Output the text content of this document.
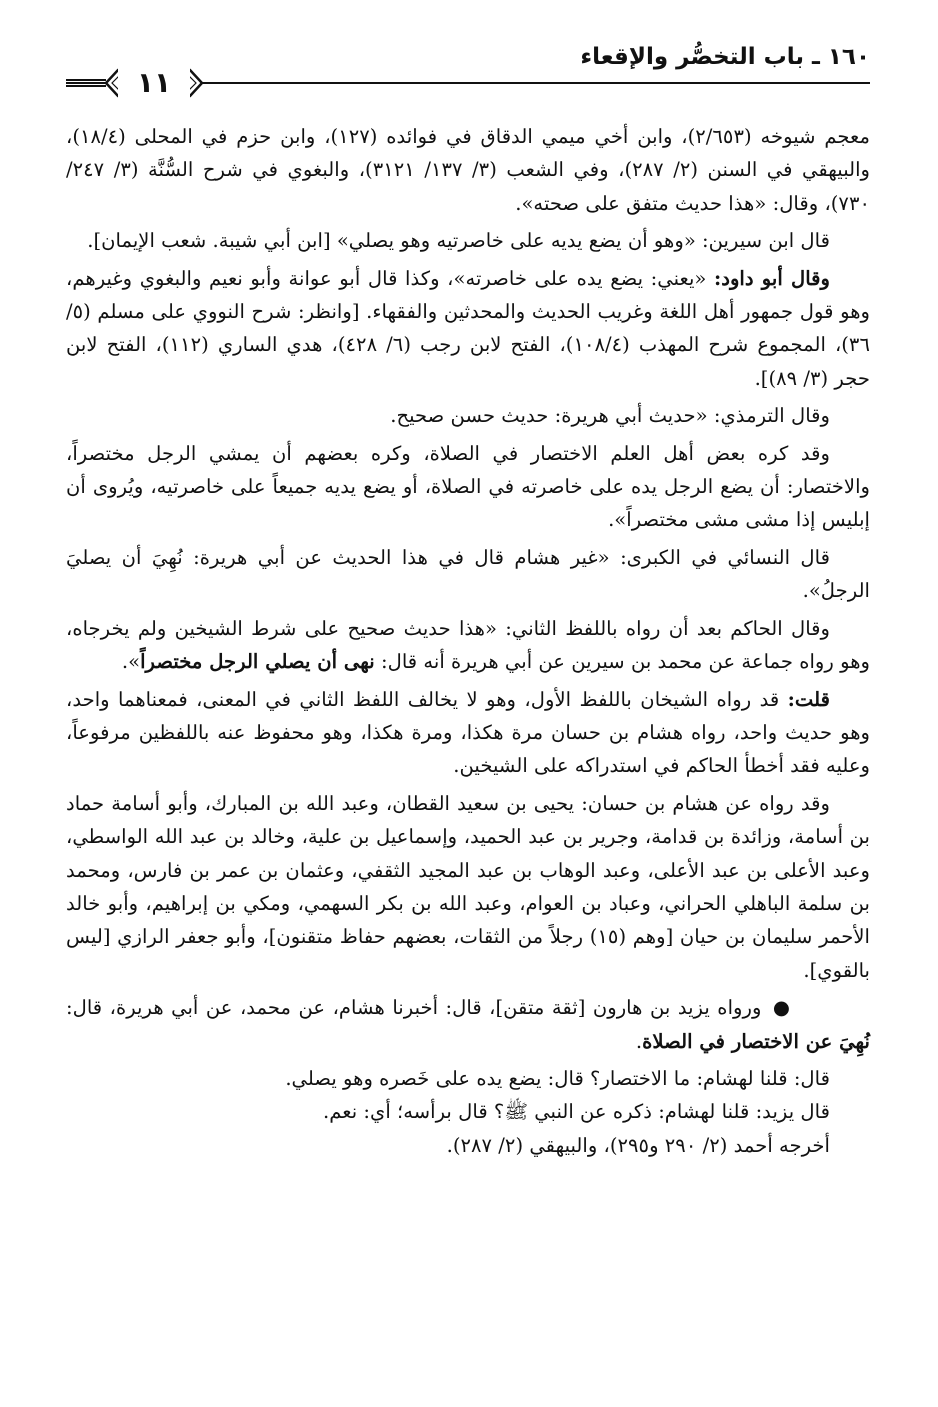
١٦٠ ـ باب التخصُّر والإقعاء
١١

معجم شيوخه (٢/٦٥٣)، وابن أخي ميمي الدقاق في فوائده (١٢٧)، وابن حزم في المحلى (١٨/٤)، والبيهقي في السنن (٢/ ٢٨٧)، وفي الشعب (٣/ ١٣٧/ ٣١٢١)، والبغوي في شرح السُّنَّة (٣/ ٢٤٧/ ٧٣٠)، وقال: «هذا حديث متفق على صحته».

قال ابن سيرين: «وهو أن يضع يديه على خاصرتيه وهو يصلي» [ابن أبي شيبة. شعب الإيمان].

وقال أبو داود: «يعني: يضع يده على خاصرته»، وكذا قال أبو عوانة وأبو نعيم والبغوي وغيرهم، وهو قول جمهور أهل اللغة وغريب الحديث والمحدثين والفقهاء. [وانظر: شرح النووي على مسلم (٥/ ٣٦)، المجموع شرح المهذب (١٠٨/٤)، الفتح لابن رجب (٦/ ٤٢٨)، هدي الساري (١١٢)، الفتح لابن حجر (٣/ ٨٩)].

وقال الترمذي: «حديث أبي هريرة: حديث حسن صحيح.

وقد كره بعض أهل العلم الاختصار في الصلاة، وكره بعضهم أن يمشي الرجل مختصراً، والاختصار: أن يضع الرجل يده على خاصرته في الصلاة، أو يضع يديه جميعاً على خاصرتيه، ويُروى أن إبليس إذا مشى مشى مختصراً».

قال النسائي في الكبرى: «غير هشام قال في هذا الحديث عن أبي هريرة: نُهِيَ أن يصليَ الرجلُ».

وقال الحاكم بعد أن رواه باللفظ الثاني: «هذا حديث صحيح على شرط الشيخين ولم يخرجاه، وهو رواه جماعة عن محمد بن سيرين عن أبي هريرة أنه قال: نهى أن يصلي الرجل مختصراً».

قلت: قد رواه الشيخان باللفظ الأول، وهو لا يخالف اللفظ الثاني في المعنى، فمعناهما واحد، وهو حديث واحد، رواه هشام بن حسان مرة هكذا، ومرة هكذا، وهو محفوظ عنه باللفظين مرفوعاً، وعليه فقد أخطأ الحاكم في استدراكه على الشيخين.

وقد رواه عن هشام بن حسان: يحيى بن سعيد القطان، وعبد الله بن المبارك، وأبو أسامة حماد بن أسامة، وزائدة بن قدامة، وجرير بن عبد الحميد، وإسماعيل بن علية، وخالد بن عبد الله الواسطي، وعبد الأعلى بن عبد الأعلى، وعبد الوهاب بن عبد المجيد الثقفي، وعثمان بن عمر بن فارس، ومحمد بن سلمة الباهلي الحراني، وعباد بن العوام، وعبد الله بن بكر السهمي، ومكي بن إبراهيم، وأبو خالد الأحمر سليمان بن حيان [وهم (١٥) رجلاً من الثقات، بعضهم حفاظ متقنون]، وأبو جعفر الرازي [ليس بالقوي].

● ورواه يزيد بن هارون [ثقة متقن]، قال: أخبرنا هشام، عن محمد، عن أبي هريرة، قال: نُهِيَ عن الاختصار في الصلاة.

قال: قلنا لهشام: ما الاختصار؟ قال: يضع يده على خَصره وهو يصلي.

قال يزيد: قلنا لهشام: ذكره عن النبي ﷺ؟ قال برأسه؛ أي: نعم.

أخرجه أحمد (٢/ ٢٩٠ و٢٩٥)، والبيهقي (٢/ ٢٨٧).
